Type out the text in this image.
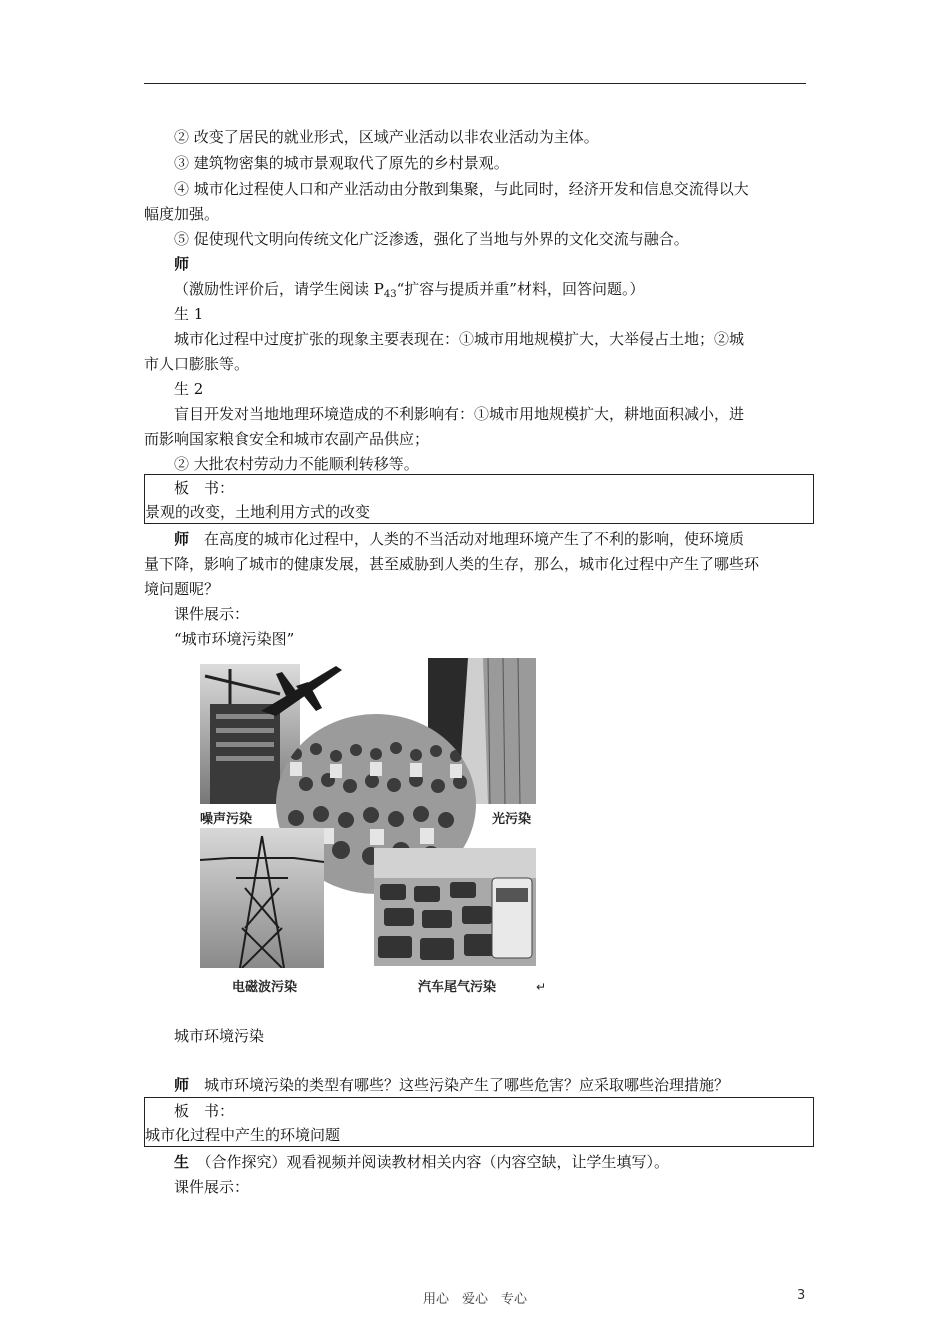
② 改变了居民的就业形式，区域产业活动以非农业活动为主体。
③ 建筑物密集的城市景观取代了原先的乡村景观。
④ 城市化过程使人口和产业活动由分散到集聚，与此同时，经济开发和信息交流得以大
幅度加强。
⑤ 促使现代文明向传统文化广泛渗透，强化了当地与外界的文化交流与融合。
师
（激励性评价后，请学生阅读 $P_{43}“$扩容与提质并重”材料，回答问题。）
生 1
城市化过程中过度扩张的现象主要表现在：①城市用地规模扩大，大举侵占土地；②城
市人口膨胀等。
生 2
盲目开发对当地地理环境造成的不利影响有：①城市用地规模扩大，耕地面积减小，进
而影响国家粮食安全和城市农副产品供应；
② 大批农村劳动力不能顺利转移等。
板　书：
景观的改变，土地利用方式的改变
师　 在高度的城市化过程中，人类的不当活动对地理环境产生了不利的影响，使环境质
量下降，影响了城市的健康发展，甚至威胁到人类的生存，那么，城市化过程中产生了哪些环
境问题呢？
课件展示：
“城市环境污染图”
噪声污染	光污染
电磁波污染	汽车尾气污染	↵
城市环境污染
师　 城市环境污染的类型有哪些？这些污染产生了哪些危害？应采取哪些治理措施？
板　书：
城市化过程中产生的环境问题
生　 （合作探究）观看视频并阅读教材相关内容（内容空缺，让学生填写）。
课件展示：
用心　爱心　专心	3
